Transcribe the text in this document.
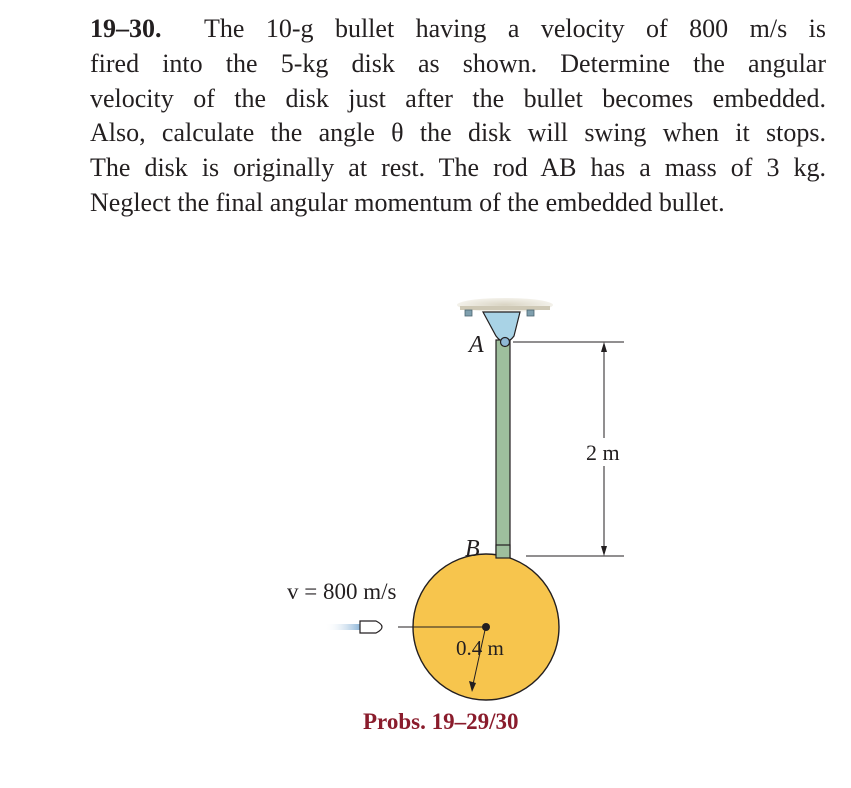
19–30. The 10-g bullet having a velocity of 800 m/s is
fired into the 5-kg disk as shown. Determine the angular
velocity of the disk just after the bullet becomes embedded.
Also, calculate the angle θ the disk will swing when it stops.
The disk is originally at rest. The rod AB has a mass of 3 kg.
Neglect the final angular momentum of the embedded bullet.
A
B
2 m
v = 800 m/s
0.4 m
Probs. 19–29/30
